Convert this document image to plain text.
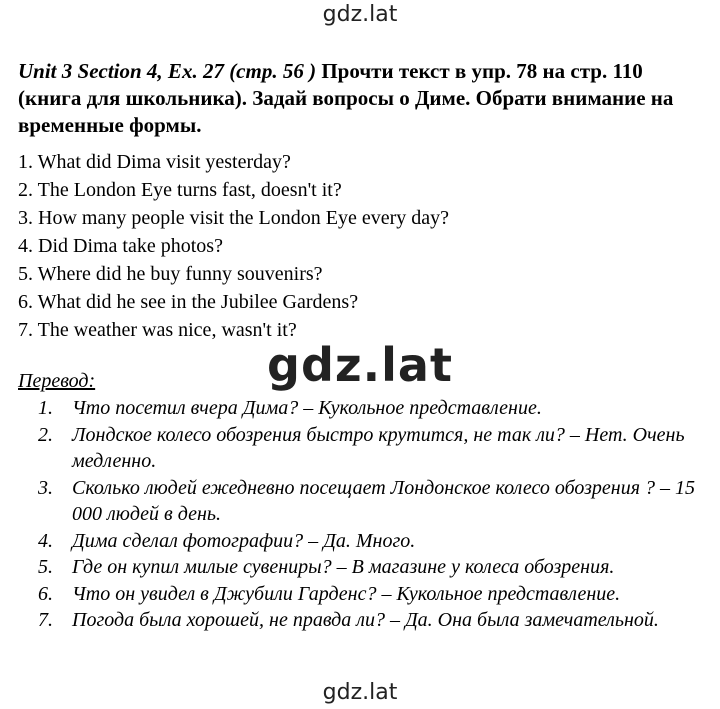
gdz.lat
Unit 3 Section 4, Ex. 27 (стр. 56 ) Прочти текст в упр. 78 на стр. 110 (книга для школьника). Задай вопросы о Диме. Обрати внимание на временные формы.
1. What did Dima visit yesterday?
2. The London Eye turns fast, doesn't it?
3. How many people visit the London Eye every day?
4. Did Dima take photos?
5. Where did he buy funny souvenirs?
6. What did he see in the Jubilee Gardens?
7. The weather was nice, wasn't it?
gdz.lat
Перевод:
1. Что посетил вчера Дима? – Кукольное представление.
2. Лондское колесо обозрения быстро крутится, не так ли? – Нет. Очень медленно.
3. Сколько людей ежедневно посещает Лондонское колесо обозрения ? – 15 000 людей в день.
4. Дима сделал фотографии? – Да. Много.
5. Где он купил милые сувениры? – В магазине у колеса обозрения.
6. Что он увидел в Джубили Гарденс? – Кукольное представление.
7. Погода была хорошей, не правда ли? – Да. Она была замечательной.
gdz.lat
